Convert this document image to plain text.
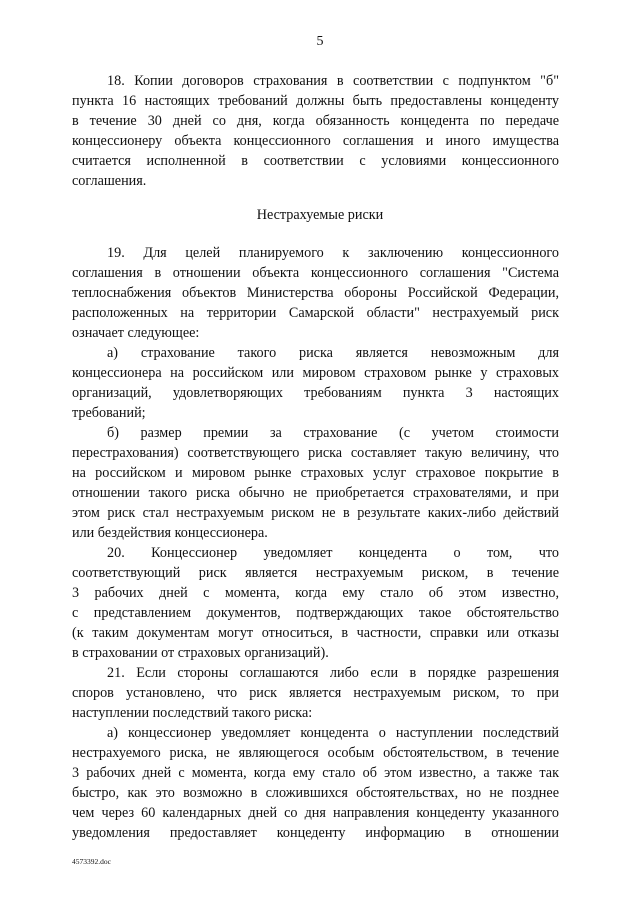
5
18. Копии договоров страхования в соответствии с подпунктом "б"
пункта 16 настоящих требований должны быть предоставлены концеденту
в течение 30 дней со дня, когда обязанность концедента по передаче
концессионеру объекта концессионного соглашения и иного имущества
считается исполненной в соответствии с условиями концессионного
соглашения.
Нестрахуемые риски
19. Для целей планируемого к заключению концессионного
соглашения в отношении объекта концессионного соглашения "Система
теплоснабжения объектов Министерства обороны Российской Федерации,
расположенных на территории Самарской области" нестрахуемый риск
означает следующее:
а) страхование такого риска является невозможным для
концессионера на российском или мировом страховом рынке у страховых
организаций, удовлетворяющих требованиям пункта 3 настоящих
требований;
б) размер премии за страхование (с учетом стоимости
перестрахования) соответствующего риска составляет такую величину, что
на российском и мировом рынке страховых услуг страховое покрытие в
отношении такого риска обычно не приобретается страхователями, и при
этом риск стал нестрахуемым риском не в результате каких-либо действий
или бездействия концессионера.
20. Концессионер уведомляет концедента о том, что
соответствующий риск является нестрахуемым риском, в течение
3 рабочих дней с момента, когда ему стало об этом известно,
с представлением документов, подтверждающих такое обстоятельство
(к таким документам могут относиться, в частности, справки или отказы
в страховании от страховых организаций).
21. Если стороны соглашаются либо если в порядке разрешения
споров установлено, что риск является нестрахуемым риском, то при
наступлении последствий такого риска:
а) концессионер уведомляет концедента о наступлении последствий
нестрахуемого риска, не являющегося особым обстоятельством, в течение
3 рабочих дней с момента, когда ему стало об этом известно, а также так
быстро, как это возможно в сложившихся обстоятельствах, но не позднее
чем через 60 календарных дней со дня направления концеденту указанного
уведомления предоставляет концеденту информацию в отношении
4573392.doc
